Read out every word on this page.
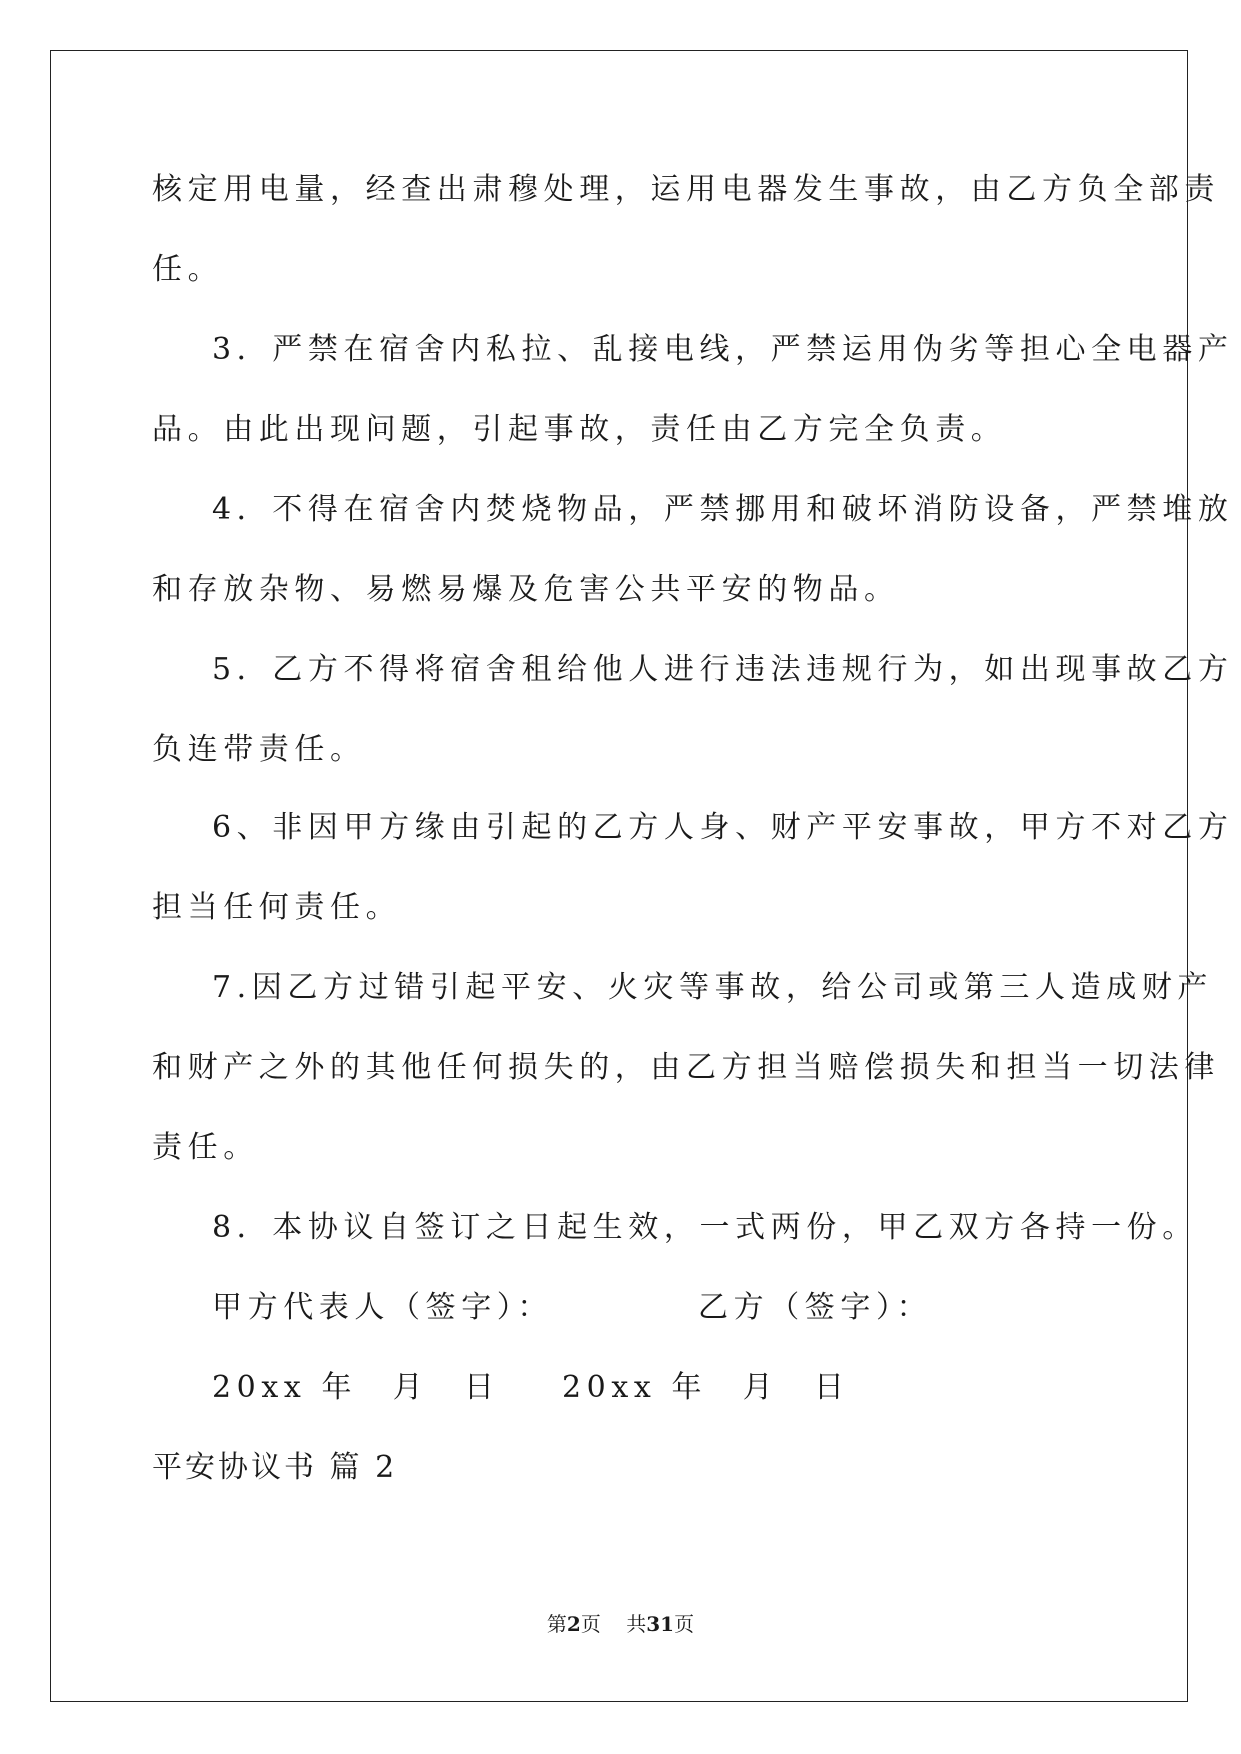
核定用电量，经查出肃穆处理，运用电器发生事故，由乙方负全部责
任。
3．严禁在宿舍内私拉、乱接电线，严禁运用伪劣等担心全电器产
品。由此出现问题，引起事故，责任由乙方完全负责。
4．不得在宿舍内焚烧物品，严禁挪用和破坏消防设备，严禁堆放
和存放杂物、易燃易爆及危害公共平安的物品。
5．乙方不得将宿舍租给他人进行违法违规行为，如出现事故乙方
负连带责任。
6、非因甲方缘由引起的乙方人身、财产平安事故，甲方不对乙方
担当任何责任。
7.因乙方过错引起平安、火灾等事故，给公司或第三人造成财产
和财产之外的其他任何损失的，由乙方担当赔偿损失和担当一切法律
责任。
8．本协议自签订之日起生效，一式两份，甲乙双方各持一份。
甲方代表人（签字）：	乙方（签字）：
20xx 年　月　日 20xx 年　月　日
平安协议书 篇 2
第2页 共31页
